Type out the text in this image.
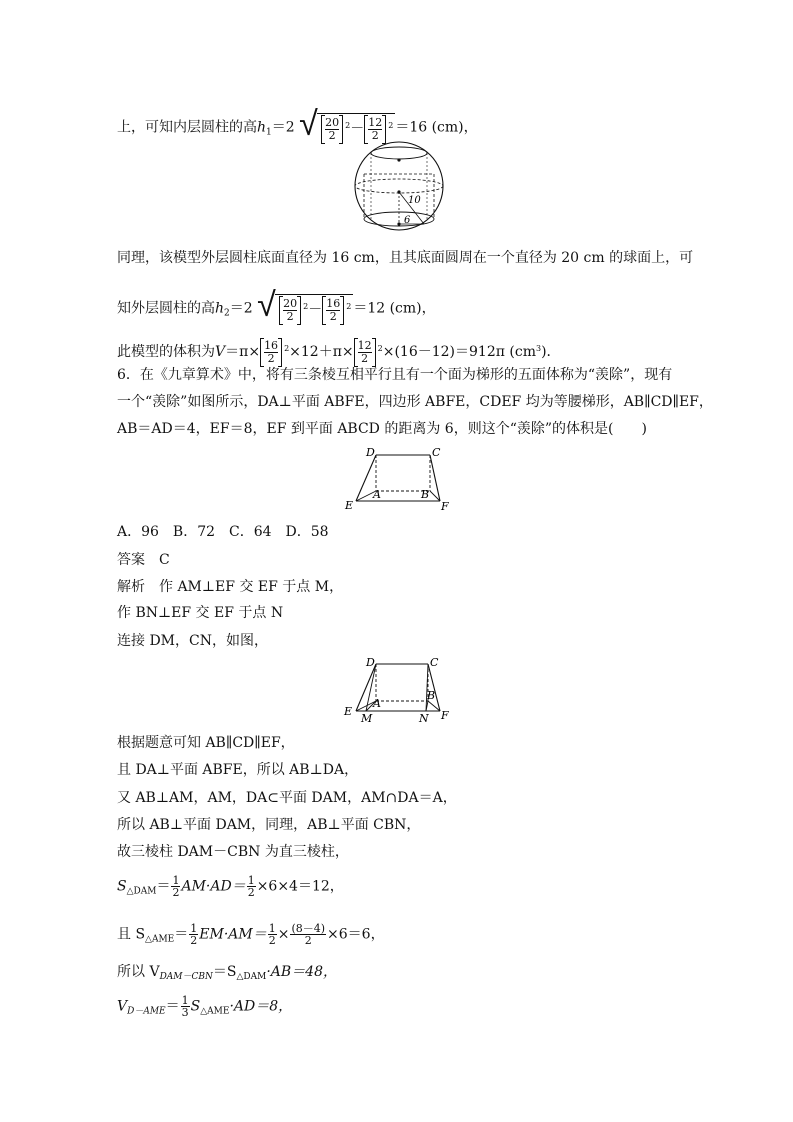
上，可知内层圆柱的高$h_1=2$ √ $\frac{20}{2}^2- \frac{12}{2}^2 =16$ (cm)，
10
6
同理，该模型外层圆柱底面直径为 16 cm，且其底面圆周在一个直径为 20 cm 的球面上，可
知外层圆柱的高$h_2=2$ √ $\frac{20}{2}^2- \frac{16}{2}^2 =12$ (cm)，
此模型的体积为$V=\pi\times \frac{16}{2}^2\times 12+\pi\times \frac{12}{2}^2\times(16-12)=912\pi$ $(cm^3)$．
6．在《九章算术》中，将有三条棱互相平行且有一个面为梯形的五面体称为“羡除”，现有
一个“羡除”如图所示，DA⊥平面 ABFE，四边形 ABFE，CDEF 均为等腰梯形，AB∥CD∥EF，
AB＝AD＝4，EF＝8，EF 到平面 ABCD 的距离为 6，则这个“羡除”的体积是(　　)
D	C
A	B
E	F
A．96　B．72　C．64　D．58
答案　C
解析　作 AM⊥EF 交 EF 于点 M，
作 BN⊥EF 交 EF 于点 N
连接 DM，CN，如图，
D	C
A
B
E	F
M	N
根据题意可知 AB∥CD∥EF，
且 DA⊥平面 ABFE，所以 AB⊥DA，
又 AB⊥AM，AM，DA⊂平面 DAM，AM∩DA＝A，
所以 AB⊥平面 DAM，同理，AB⊥平面 CBN，
故三棱柱 DAM－CBN 为直三棱柱，
$S_{\triangle DAM}= \frac{1}{2} AM\cdot AD= \frac{1}{2} \times 6\times 4=12$，
且 $S_{\triangle AME}= \frac{1}{2} EM\cdot AM= \frac{1}{2} \times \frac{(8-4)}{2} \times 6=6$，
所以 $V_{DAM-CBN}=S_{\triangle DAM}\cdot AB=48$，
$V_{D-AME}= \frac{1}{3} S_{\triangle AME}\cdot AD=8$，
